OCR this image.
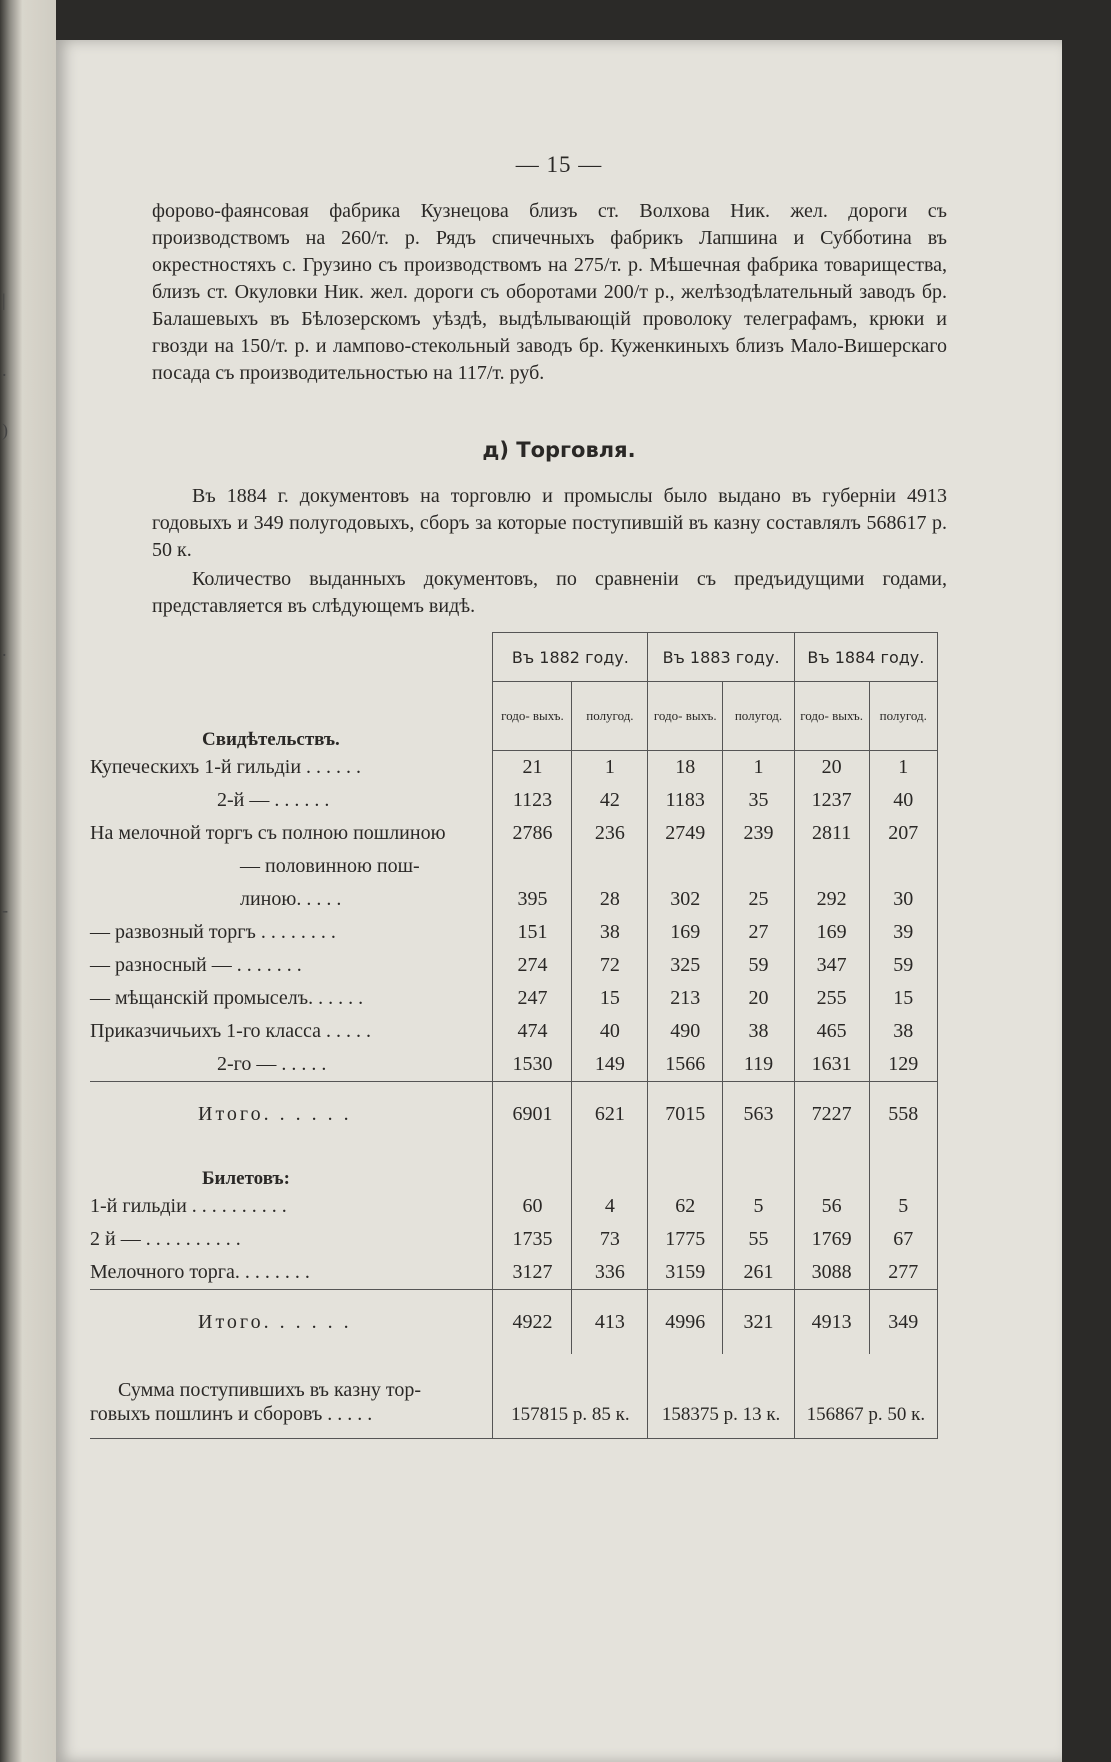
|
.
)
.
-
— 15 —

форово-фаянсовая фабрика Кузнецова близъ ст. Волхова Ник. жел. дороги съ производствомъ на 260/т. р. Рядъ спичечныхъ фабрикъ Лапшина и Субботина въ окрестностяхъ с. Грузино съ производствомъ на 275/т. р. Мѣшечная фабрика товарищества, близъ ст. Окуловки Ник. жел. дороги съ оборотами 200/т р., желѣзодѣлательный заводъ бр. Балашевыхъ въ Бѣлозерскомъ уѣздѣ, выдѣлывающій проволоку телеграфамъ, крюки и гвозди на 150/т. р. и лампово-стекольный заводъ бр. Куженкиныхъ близъ Мало-Вишерскаго посада съ производительностью на 117/т. руб.

д) Торговля.

Въ 1884 г. документовъ на торговлю и промыслы было выдано въ губерніи 4913 годовыхъ и 349 полугодовыхъ, сборъ за которые поступившій въ казну составлялъ 568617 р. 50 к.

Количество выданныхъ документовъ, по сравненіи съ предъидущими годами, представляется въ слѣдующемъ видѣ.

	Въ 1882 году.		Въ 1883 году.		Въ 1884 году.	
Свидѣтельствъ.	годо- выхъ.	полугод.	годо- выхъ.	полугод.	годо- выхъ.	полугод.
Купеческихъ 1-й гильдіи . . . . . .	21	1	18	1	20	1
2-й — . . . . . .	1123	42	1183	35	1237	40
На мелочной торгъ съ полною пошлиною	2786	236	2749	239	2811	207
— половинною пош-						
линою. . . . .	395	28	302	25	292	30
— развозный торгъ . . . . . . . .	151	38	169	27	169	39
— разносный — . . . . . . .	274	72	325	59	347	59
— мѣщанскій промыселъ. . . . . .	247	15	213	20	255	15
Приказчичьихъ 1-го класса . . . . .	474	40	490	38	465	38
2-го — . . . . .	1530	149	1566	119	1631	129
Итого. . . . . .	6901	621	7015	563	7227	558
Билетовъ:						
1-й гильдіи . . . . . . . . . .	60	4	62	5	56	5
2 й — . . . . . . . . . .	1735	73	1775	55	1769	67
Мелочного торга. . . . . . . .	3127	336	3159	261	3088	277
Итого. . . . . .	4922	413	4996	321	4913	349

Сумма поступившихъ въ казну тор-
говыхъ пошлинъ и сборовъ . . . . .	157815 р. 85 к.		158375 р. 13 к.		156867 р. 50 к.	
